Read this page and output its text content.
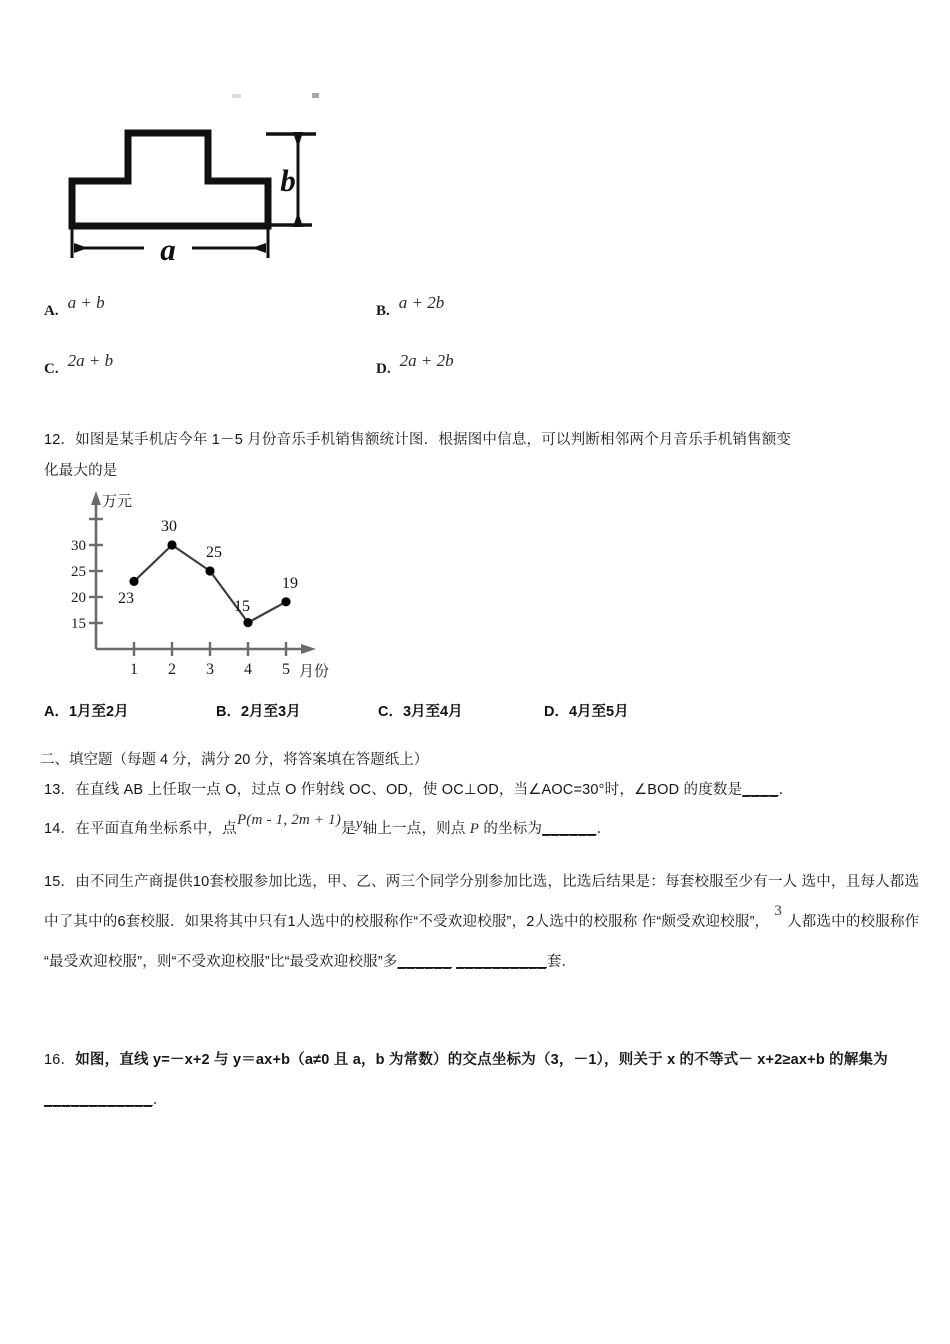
b
a
A. a + b	B. a + 2b
C. 2a + b	D. 2a + 2b
12．如图是某手机店今年 1－5 月份音乐手机销售额统计图．根据图中信息，可以判断相邻两个月音乐手机销售额变
化最大的是
万元
30
25
20
15
1 2 3 4 5 月份
23
30
25
15
19
A．1月至2月	B．2月至3月	C．3月至4月	D．4月至5月
二、填空题（每题 4 分，满分 20 分，将答案填在答题纸上）
13．在直线 AB 上任取一点 O，过点 O 作射线 OC、OD，使 OC⊥OD，当∠AOC=30°时，∠BOD 的度数是____．
14．在平面直角坐标系中，点P(m - 1, 2m + 1)是y轴上一点，则点 P 的坐标为______．
15．由不同生产商提供10套校服参加比选，甲、乙、两三个同学分别参加比选，比选后结果是：每套校服至少有一人 选中，且每人都选中了其中的6套校服．如果将其中只有1人选中的校服称作“不受欢迎校服”，2人选中的校服称 作“颇受欢迎校服”，3人都选中的校服称作“最受欢迎校服”，则“不受欢迎校服”比“最受欢迎校服”多______ __________套．
16．如图，直线 y=－x+2 与 y＝ax+b（a≠0 且 a，b 为常数）的交点坐标为（3，－1），则关于 x 的不等式－ x+2≥ax+b 的解集为____________．
